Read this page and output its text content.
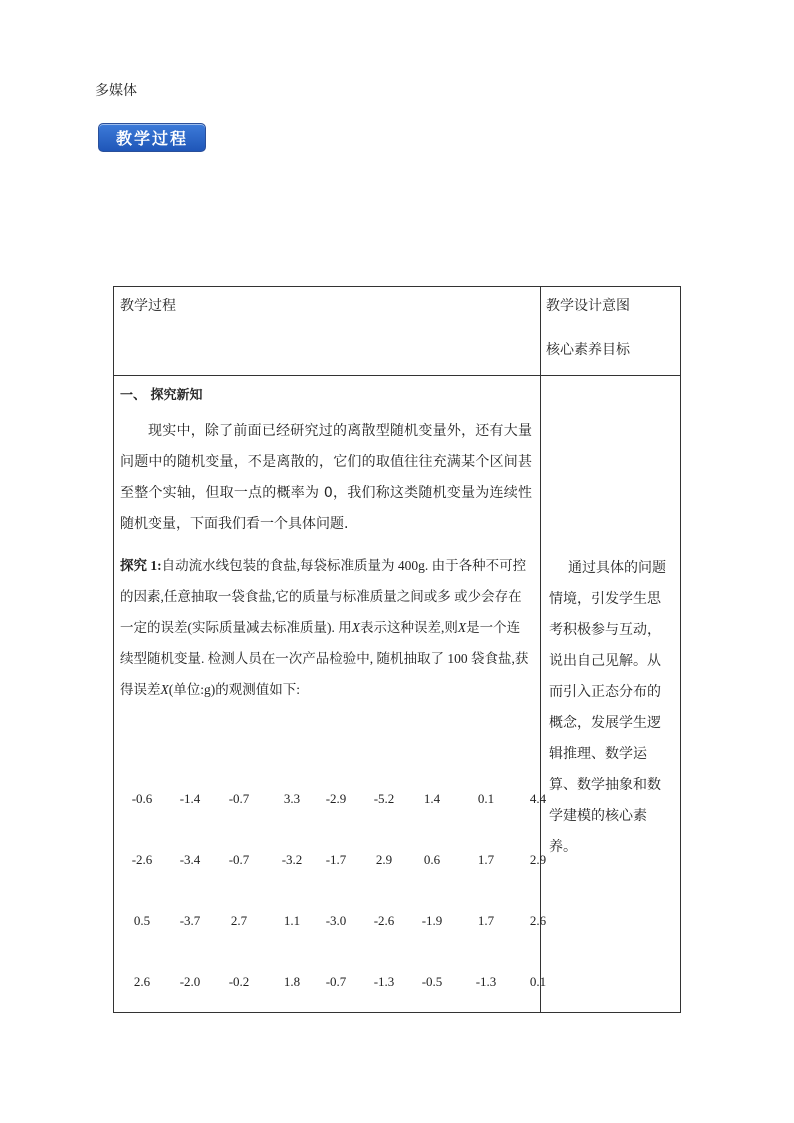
多媒体
教学过程
教学过程	教学设计意图
核心素养目标
一、 探究新知

现实中，除了前面已经研究过的离散型随机变量外，还有大量问题中的随机变量，不是离散的，它们的取值往往充满某个区间甚至整个实轴，但取一点的概率为 0，我们称这类随机变量为连续性随机变量，下面我们看一个具体问题.

探究 1:自动流水线包装的食盐,每袋标准质量为 400g. 由于各种不可控的因素,任意抽取一袋食盐,它的质量与标准质量之间或多 或少会存在一定的误差(实际质量减去标准质量). 用X表示这种误差,则X是一个连续型随机变量. 检测人员在一次产品检验中, 随机抽取了 100 袋食盐,获得误差X(单位:g)的观测值如下:

-0.6 -1.4 -0.7	3.3 -2.9 -5.2 1.4	0.1	4.4
-2.6 -3.4 -0.7 -3.2 -1.7 2.9 0.6	1.7	2.9
0.5 -3.7 2.7	1.1 -3.0 -2.6 -1.9	1.7	2.6
2.6 -2.0 -0.2	1.8 -0.7 -1.3 -0.5	-1.3	0.1

通过具体的问题情境，引发学生思考积极参与互动，说出自己见解。从而引入正态分布的概念，发展学生逻辑推理、数学运算、数学抽象和数学建模的核心素养。
